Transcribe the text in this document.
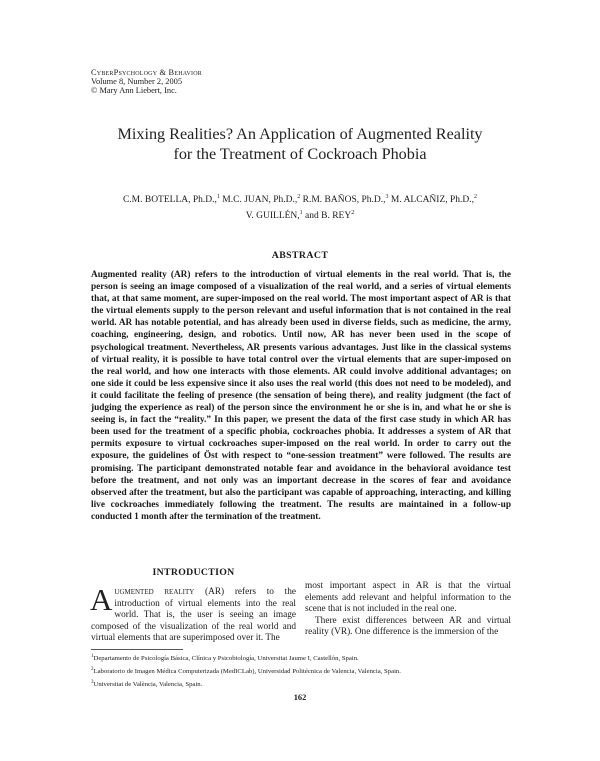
CyberPsychology & Behavior
Volume 8, Number 2, 2005
© Mary Ann Liebert, Inc.
Mixing Realities? An Application of Augmented Reality
for the Treatment of Cockroach Phobia
C.M. BOTELLA, Ph.D.,$^1$ M.C. JUAN, Ph.D.,$^2$ R.M. BAÑOS, Ph.D.,$^3$ M. ALCAÑIZ, Ph.D.,$^2$
V. GUILLÉN,$^1$ and B. REY$^2$
ABSTRACT

Augmented reality (AR) refers to the introduction of virtual elements in the real world. That is, the person is seeing an image composed of a visualization of the real world, and a series of virtual elements that, at that same moment, are super-imposed on the real world. The most important aspect of AR is that the virtual elements supply to the person relevant and useful information that is not contained in the real world. AR has notable potential, and has already been used in diverse fields, such as medicine, the army, coaching, engineering, design, and robotics. Until now, AR has never been used in the scope of psychological treatment. Nevertheless, AR presents various advantages. Just like in the classical systems of virtual reality, it is possible to have total control over the virtual elements that are super-imposed on the real world, and how one interacts with those elements. AR could involve additional advantages; on one side it could be less expensive since it also uses the real world (this does not need to be modeled), and it could facilitate the feeling of presence (the sensation of being there), and reality judgment (the fact of judging the experience as real) of the person since the environment he or she is in, and what he or she is seeing is, in fact the “reality.” In this paper, we present the data of the first case study in which AR has been used for the treatment of a specific phobia, cockroaches phobia. It addresses a system of AR that permits exposure to virtual cockroaches super-imposed on the real world. In order to carry out the exposure, the guidelines of Öst with respect to “one-session treatment” were followed. The results are promising. The participant demonstrated notable fear and avoidance in the behavioral avoidance test before the treatment, and not only was an important decrease in the scores of fear and avoidance observed after the treatment, but also the participant was capable of approaching, interacting, and killing live cockroaches immediately following the treatment. The results are maintained in a follow-up conducted 1 month after the termination of the treatment.

INTRODUCTION

Augmented reality (AR) refers to the introduction of virtual elements into the real world. That is, the user is seeing an image composed of the visualization of the real world and virtual elements that are superimposed over it. The

most important aspect in AR is that the virtual elements add relevant and helpful information to the scene that is not included in the real one.

There exist differences between AR and virtual reality (VR). One difference is the immersion of the

$^1$Departamento de Psicología Básica, Clínica y Psicobiología, Universitat Jaume I, Castellón, Spain.
$^2$Laboratorio de Imagen Médica Computerizada (MedICLab), Universidad Politécnica de Valencia, Valencia, Spain.
$^3$Universitat de València, Valencia, Spain.
162
